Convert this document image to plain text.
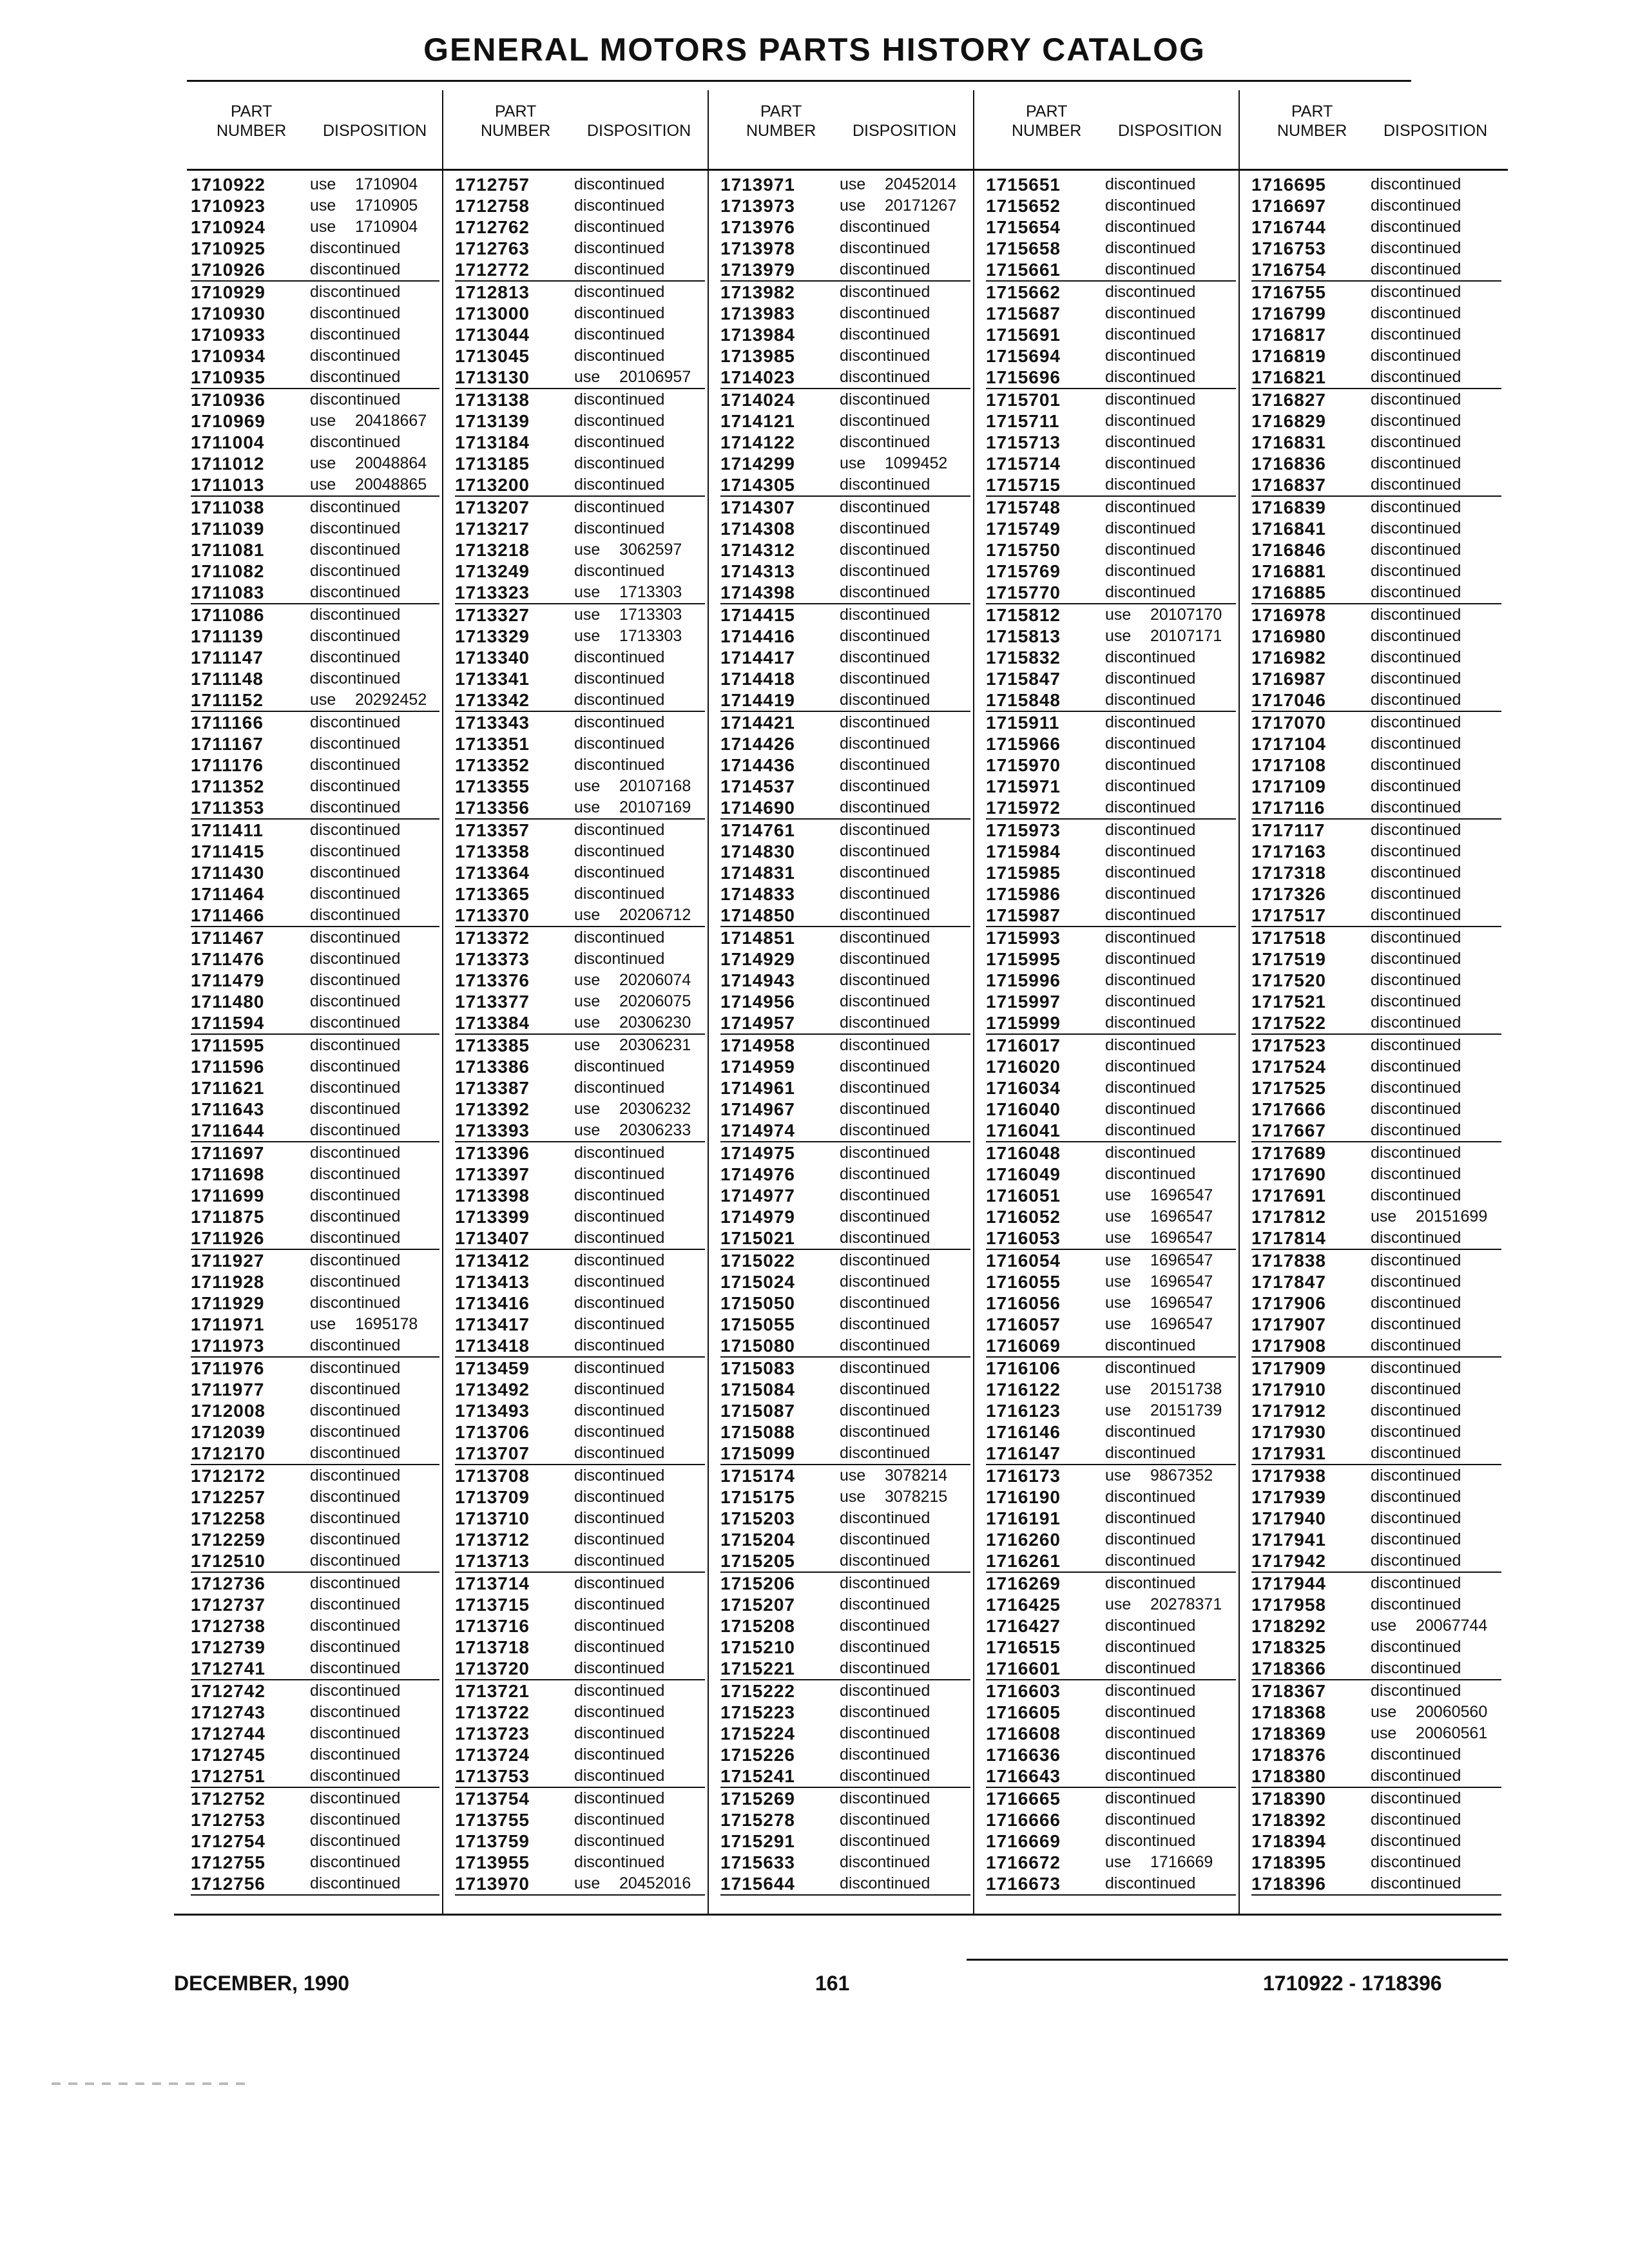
GENERAL MOTORS PARTS HISTORY CATALOG
PART
NUMBER DISPOSITION
PART
NUMBER DISPOSITION
PART
NUMBER DISPOSITION
PART
NUMBER DISPOSITION
PART
NUMBER DISPOSITION
1710922	use 1710904
1710923	use 1710905
1710924	use 1710904
1710925	discontinued
1710926	discontinued
1710929	discontinued
1710930	discontinued
1710933	discontinued
1710934	discontinued
1710935	discontinued
1710936	discontinued
1710969	use 20418667
1711004	discontinued
1711012	use 20048864
1711013	use 20048865
1711038	discontinued
1711039	discontinued
1711081	discontinued
1711082	discontinued
1711083	discontinued
1711086	discontinued
1711139	discontinued
1711147	discontinued
1711148	discontinued
1711152	use 20292452
1711166	discontinued
1711167	discontinued
1711176	discontinued
1711352	discontinued
1711353	discontinued
1711411	discontinued
1711415	discontinued
1711430	discontinued
1711464	discontinued
1711466	discontinued
1711467	discontinued
1711476	discontinued
1711479	discontinued
1711480	discontinued
1711594	discontinued
1711595	discontinued
1711596	discontinued
1711621	discontinued
1711643	discontinued
1711644	discontinued
1711697	discontinued
1711698	discontinued
1711699	discontinued
1711875	discontinued
1711926	discontinued
1711927	discontinued
1711928	discontinued
1711929	discontinued
1711971	use 1695178
1711973	discontinued
1711976	discontinued
1711977	discontinued
1712008	discontinued
1712039	discontinued
1712170	discontinued
1712172	discontinued
1712257	discontinued
1712258	discontinued
1712259	discontinued
1712510	discontinued
1712736	discontinued
1712737	discontinued
1712738	discontinued
1712739	discontinued
1712741	discontinued
1712742	discontinued
1712743	discontinued
1712744	discontinued
1712745	discontinued
1712751	discontinued
1712752	discontinued
1712753	discontinued
1712754	discontinued
1712755	discontinued
1712756	discontinued
1712757	discontinued
1712758	discontinued
1712762	discontinued
1712763	discontinued
1712772	discontinued
1712813	discontinued
1713000	discontinued
1713044	discontinued
1713045	discontinued
1713130	use 20106957
1713138	discontinued
1713139	discontinued
1713184	discontinued
1713185	discontinued
1713200	discontinued
1713207	discontinued
1713217	discontinued
1713218	use 3062597
1713249	discontinued
1713323	use 1713303
1713327	use 1713303
1713329	use 1713303
1713340	discontinued
1713341	discontinued
1713342	discontinued
1713343	discontinued
1713351	discontinued
1713352	discontinued
1713355	use 20107168
1713356	use 20107169
1713357	discontinued
1713358	discontinued
1713364	discontinued
1713365	discontinued
1713370	use 20206712
1713372	discontinued
1713373	discontinued
1713376	use 20206074
1713377	use 20206075
1713384	use 20306230
1713385	use 20306231
1713386	discontinued
1713387	discontinued
1713392	use 20306232
1713393	use 20306233
1713396	discontinued
1713397	discontinued
1713398	discontinued
1713399	discontinued
1713407	discontinued
1713412	discontinued
1713413	discontinued
1713416	discontinued
1713417	discontinued
1713418	discontinued
1713459	discontinued
1713492	discontinued
1713493	discontinued
1713706	discontinued
1713707	discontinued
1713708	discontinued
1713709	discontinued
1713710	discontinued
1713712	discontinued
1713713	discontinued
1713714	discontinued
1713715	discontinued
1713716	discontinued
1713718	discontinued
1713720	discontinued
1713721	discontinued
1713722	discontinued
1713723	discontinued
1713724	discontinued
1713753	discontinued
1713754	discontinued
1713755	discontinued
1713759	discontinued
1713955	discontinued
1713970	use 20452016
1713971	use 20452014
1713973	use 20171267
1713976	discontinued
1713978	discontinued
1713979	discontinued
1713982	discontinued
1713983	discontinued
1713984	discontinued
1713985	discontinued
1714023	discontinued
1714024	discontinued
1714121	discontinued
1714122	discontinued
1714299	use 1099452
1714305	discontinued
1714307	discontinued
1714308	discontinued
1714312	discontinued
1714313	discontinued
1714398	discontinued
1714415	discontinued
1714416	discontinued
1714417	discontinued
1714418	discontinued
1714419	discontinued
1714421	discontinued
1714426	discontinued
1714436	discontinued
1714537	discontinued
1714690	discontinued
1714761	discontinued
1714830	discontinued
1714831	discontinued
1714833	discontinued
1714850	discontinued
1714851	discontinued
1714929	discontinued
1714943	discontinued
1714956	discontinued
1714957	discontinued
1714958	discontinued
1714959	discontinued
1714961	discontinued
1714967	discontinued
1714974	discontinued
1714975	discontinued
1714976	discontinued
1714977	discontinued
1714979	discontinued
1715021	discontinued
1715022	discontinued
1715024	discontinued
1715050	discontinued
1715055	discontinued
1715080	discontinued
1715083	discontinued
1715084	discontinued
1715087	discontinued
1715088	discontinued
1715099	discontinued
1715174	use 3078214
1715175	use 3078215
1715203	discontinued
1715204	discontinued
1715205	discontinued
1715206	discontinued
1715207	discontinued
1715208	discontinued
1715210	discontinued
1715221	discontinued
1715222	discontinued
1715223	discontinued
1715224	discontinued
1715226	discontinued
1715241	discontinued
1715269	discontinued
1715278	discontinued
1715291	discontinued
1715633	discontinued
1715644	discontinued
1715651	discontinued
1715652	discontinued
1715654	discontinued
1715658	discontinued
1715661	discontinued
1715662	discontinued
1715687	discontinued
1715691	discontinued
1715694	discontinued
1715696	discontinued
1715701	discontinued
1715711	discontinued
1715713	discontinued
1715714	discontinued
1715715	discontinued
1715748	discontinued
1715749	discontinued
1715750	discontinued
1715769	discontinued
1715770	discontinued
1715812	use 20107170
1715813	use 20107171
1715832	discontinued
1715847	discontinued
1715848	discontinued
1715911	discontinued
1715966	discontinued
1715970	discontinued
1715971	discontinued
1715972	discontinued
1715973	discontinued
1715984	discontinued
1715985	discontinued
1715986	discontinued
1715987	discontinued
1715993	discontinued
1715995	discontinued
1715996	discontinued
1715997	discontinued
1715999	discontinued
1716017	discontinued
1716020	discontinued
1716034	discontinued
1716040	discontinued
1716041	discontinued
1716048	discontinued
1716049	discontinued
1716051	use 1696547
1716052	use 1696547
1716053	use 1696547
1716054	use 1696547
1716055	use 1696547
1716056	use 1696547
1716057	use 1696547
1716069	discontinued
1716106	discontinued
1716122	use 20151738
1716123	use 20151739
1716146	discontinued
1716147	discontinued
1716173	use 9867352
1716190	discontinued
1716191	discontinued
1716260	discontinued
1716261	discontinued
1716269	discontinued
1716425	use 20278371
1716427	discontinued
1716515	discontinued
1716601	discontinued
1716603	discontinued
1716605	discontinued
1716608	discontinued
1716636	discontinued
1716643	discontinued
1716665	discontinued
1716666	discontinued
1716669	discontinued
1716672	use 1716669
1716673	discontinued
1716695	discontinued
1716697	discontinued
1716744	discontinued
1716753	discontinued
1716754	discontinued
1716755	discontinued
1716799	discontinued
1716817	discontinued
1716819	discontinued
1716821	discontinued
1716827	discontinued
1716829	discontinued
1716831	discontinued
1716836	discontinued
1716837	discontinued
1716839	discontinued
1716841	discontinued
1716846	discontinued
1716881	discontinued
1716885	discontinued
1716978	discontinued
1716980	discontinued
1716982	discontinued
1716987	discontinued
1717046	discontinued
1717070	discontinued
1717104	discontinued
1717108	discontinued
1717109	discontinued
1717116	discontinued
1717117	discontinued
1717163	discontinued
1717318	discontinued
1717326	discontinued
1717517	discontinued
1717518	discontinued
1717519	discontinued
1717520	discontinued
1717521	discontinued
1717522	discontinued
1717523	discontinued
1717524	discontinued
1717525	discontinued
1717666	discontinued
1717667	discontinued
1717689	discontinued
1717690	discontinued
1717691	discontinued
1717812	use 20151699
1717814	discontinued
1717838	discontinued
1717847	discontinued
1717906	discontinued
1717907	discontinued
1717908	discontinued
1717909	discontinued
1717910	discontinued
1717912	discontinued
1717930	discontinued
1717931	discontinued
1717938	discontinued
1717939	discontinued
1717940	discontinued
1717941	discontinued
1717942	discontinued
1717944	discontinued
1717958	discontinued
1718292	use 20067744
1718325	discontinued
1718366	discontinued
1718367	discontinued
1718368	use 20060560
1718369	use 20060561
1718376	discontinued
1718380	discontinued
1718390	discontinued
1718392	discontinued
1718394	discontinued
1718395	discontinued
1718396	discontinued
DECEMBER, 1990	161	1710922 - 1718396
